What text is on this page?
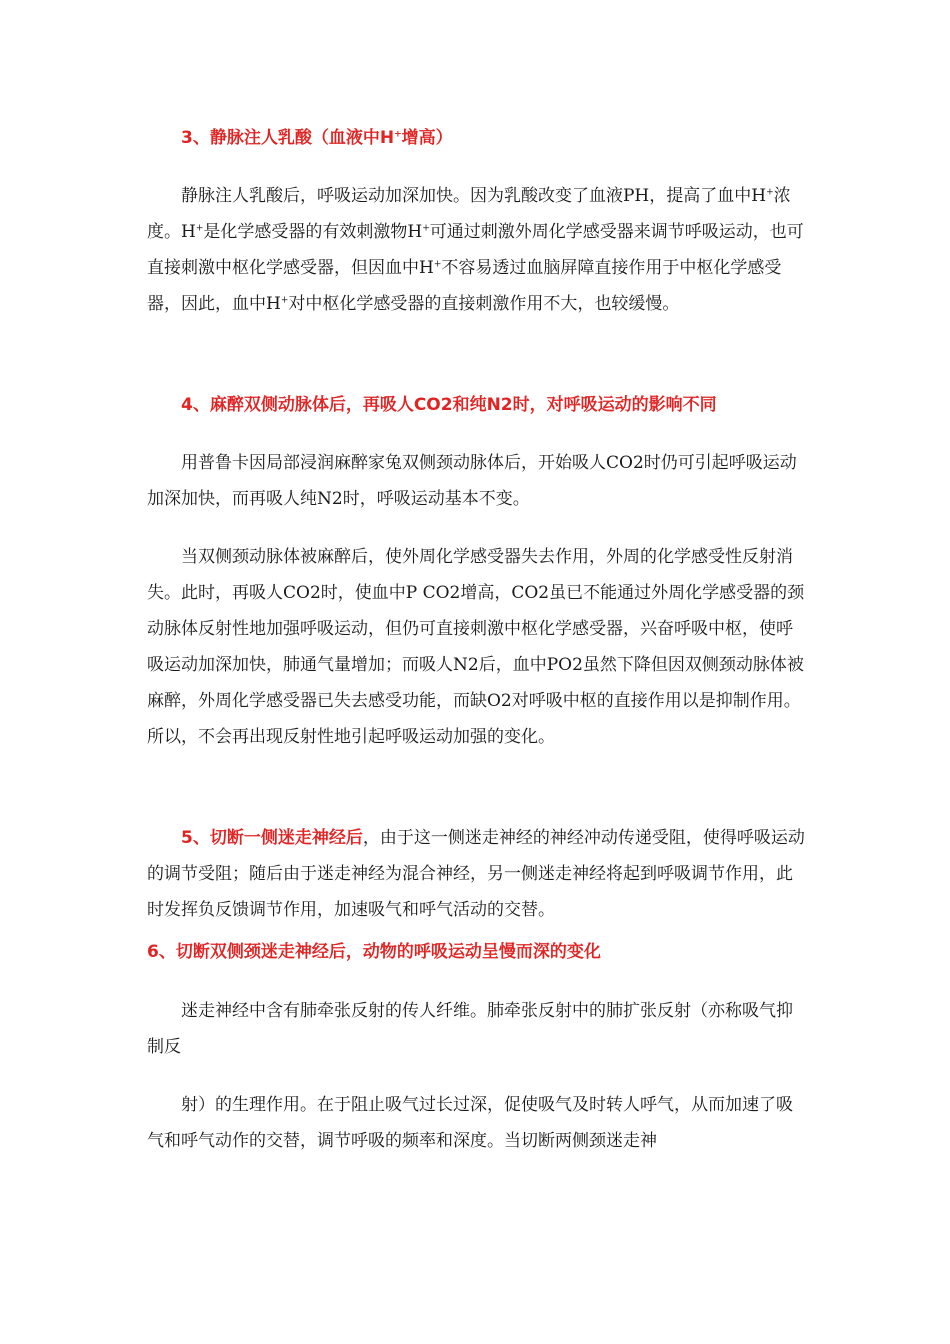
3、静脉注人乳酸（血液中H+增高）

静脉注人乳酸后，呼吸运动加深加快。因为乳酸改变了血液PH，提高了血中H+浓度。H+是化学感受器的有效刺激物H+可通过刺激外周化学感受器来调节呼吸运动，也可直接刺激中枢化学感受器，但因血中H+不容易透过血脑屏障直接作用于中枢化学感受器，因此，血中H+对中枢化学感受器的直接刺激作用不大，也较缓慢。

4、麻醉双侧动脉体后，再吸人CO2和纯N2时，对呼吸运动的影响不同

用普鲁卡因局部浸润麻醉家兔双侧颈动脉体后，开始吸人CO2时仍可引起呼吸运动加深加快，而再吸人纯N2时，呼吸运动基本不变。

当双侧颈动脉体被麻醉后，使外周化学感受器失去作用，外周的化学感受性反射消失。此时，再吸人CO2时，使血中P CO2增高，CO2虽已不能通过外周化学感受器的颈动脉体反射性地加强呼吸运动，但仍可直接刺激中枢化学感受器，兴奋呼吸中枢，使呼吸运动加深加快，肺通气量增加；而吸人N2后，血中PO2虽然下降但因双侧颈动脉体被麻醉，外周化学感受器已失去感受功能，而缺O2对呼吸中枢的直接作用以是抑制作用。所以，不会再出现反射性地引起呼吸运动加强的变化。

5、切断一侧迷走神经后，由于这一侧迷走神经的神经冲动传递受阻，使得呼吸运动的调节受阻；随后由于迷走神经为混合神经，另一侧迷走神经将起到呼吸调节作用，此时发挥负反馈调节作用，加速吸气和呼气活动的交替。

6、切断双侧颈迷走神经后，动物的呼吸运动呈慢而深的变化

迷走神经中含有肺牵张反射的传人纤维。肺牵张反射中的肺扩张反射（亦称吸气抑制反

射）的生理作用。在于阻止吸气过长过深，促使吸气及时转人呼气，从而加速了吸气和呼气动作的交替，调节呼吸的频率和深度。当切断两侧颈迷走神
